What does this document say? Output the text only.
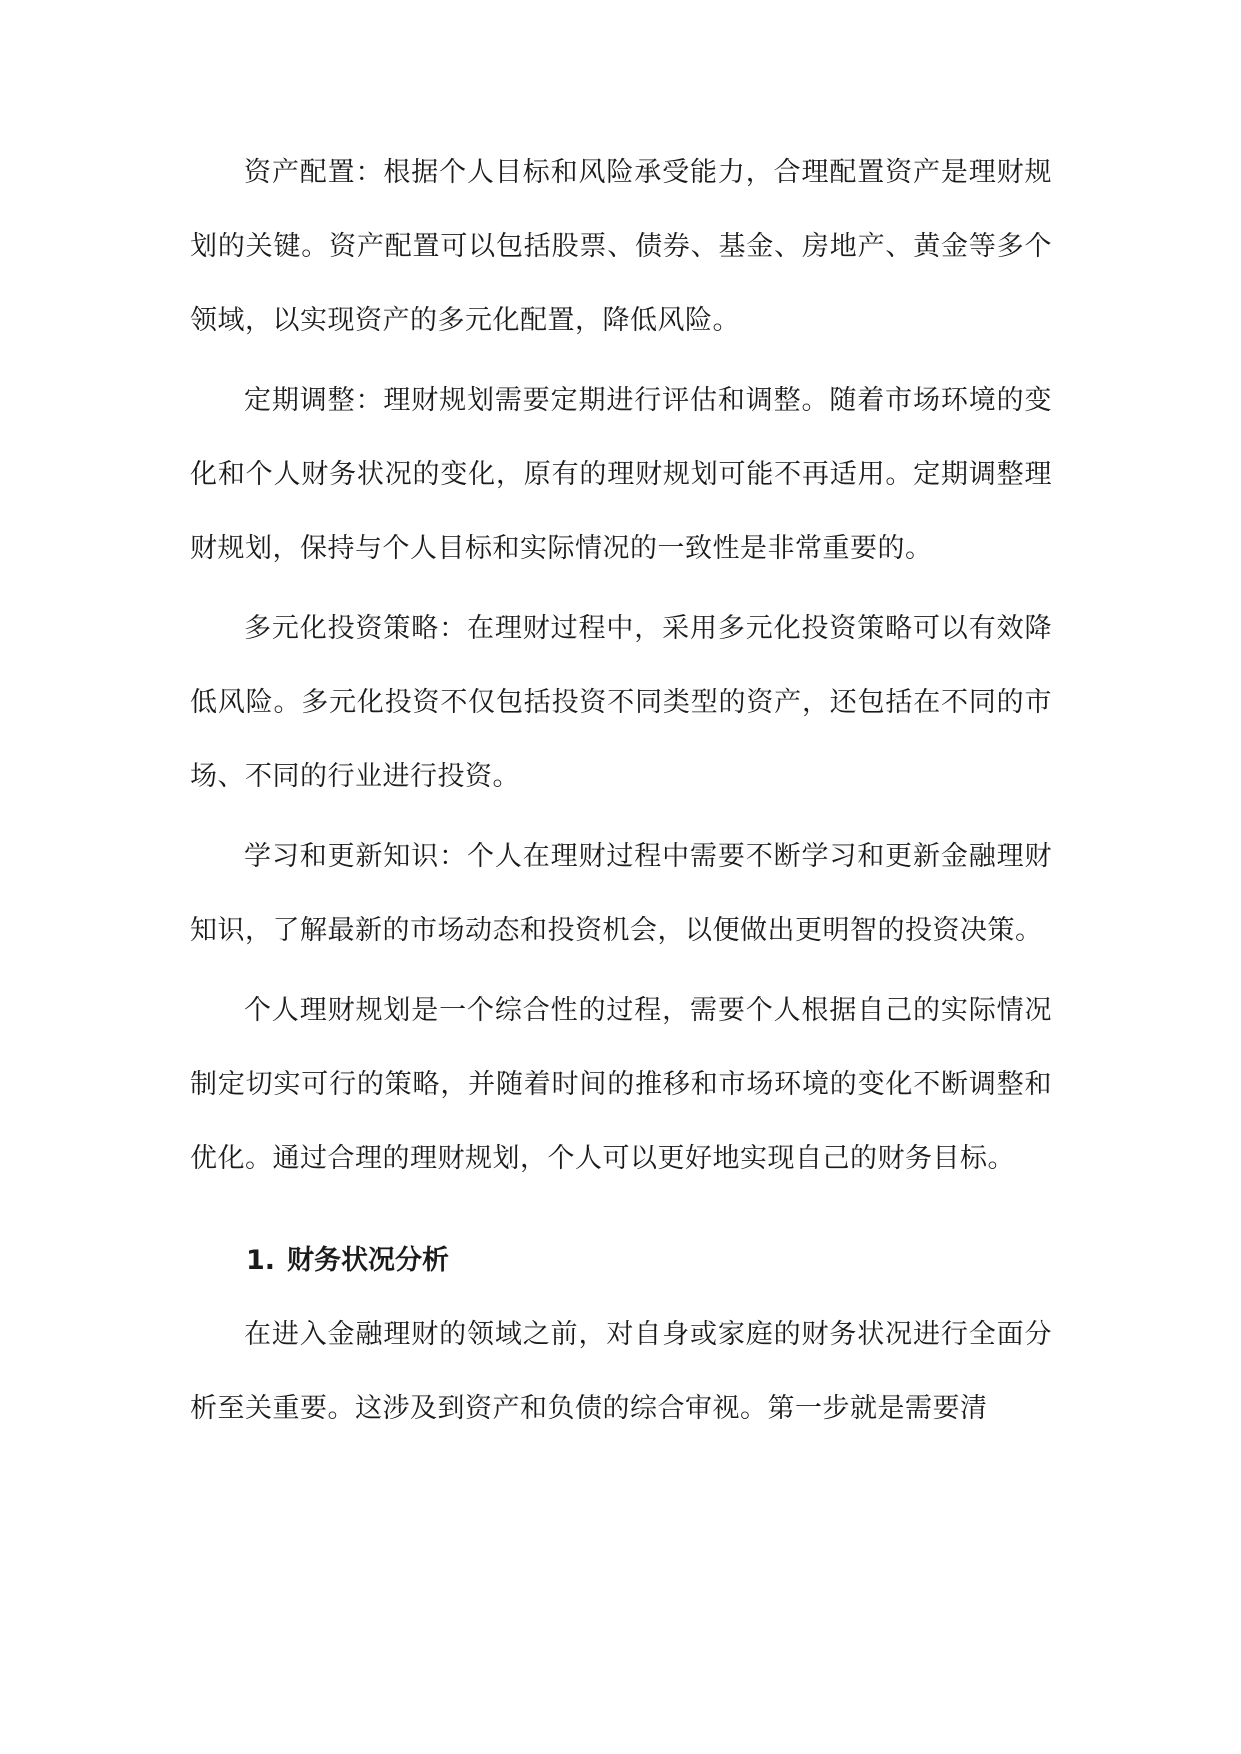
资产配置：根据个人目标和风险承受能力，合理配置资产是理财规划的关键。资产配置可以包括股票、债券、基金、房地产、黄金等多个领域，以实现资产的多元化配置，降低风险。

定期调整：理财规划需要定期进行评估和调整。随着市场环境的变化和个人财务状况的变化，原有的理财规划可能不再适用。定期调整理财规划，保持与个人目标和实际情况的一致性是非常重要的。

多元化投资策略：在理财过程中，采用多元化投资策略可以有效降低风险。多元化投资不仅包括投资不同类型的资产，还包括在不同的市场、不同的行业进行投资。

学习和更新知识：个人在理财过程中需要不断学习和更新金融理财知识，了解最新的市场动态和投资机会，以便做出更明智的投资决策。

个人理财规划是一个综合性的过程，需要个人根据自己的实际情况制定切实可行的策略，并随着时间的推移和市场环境的变化不断调整和优化。通过合理的理财规划，个人可以更好地实现自己的财务目标。

1. 财务状况分析

在进入金融理财的领域之前，对自身或家庭的财务状况进行全面分析至关重要。这涉及到资产和负债的综合审视。第一步就是需要清
